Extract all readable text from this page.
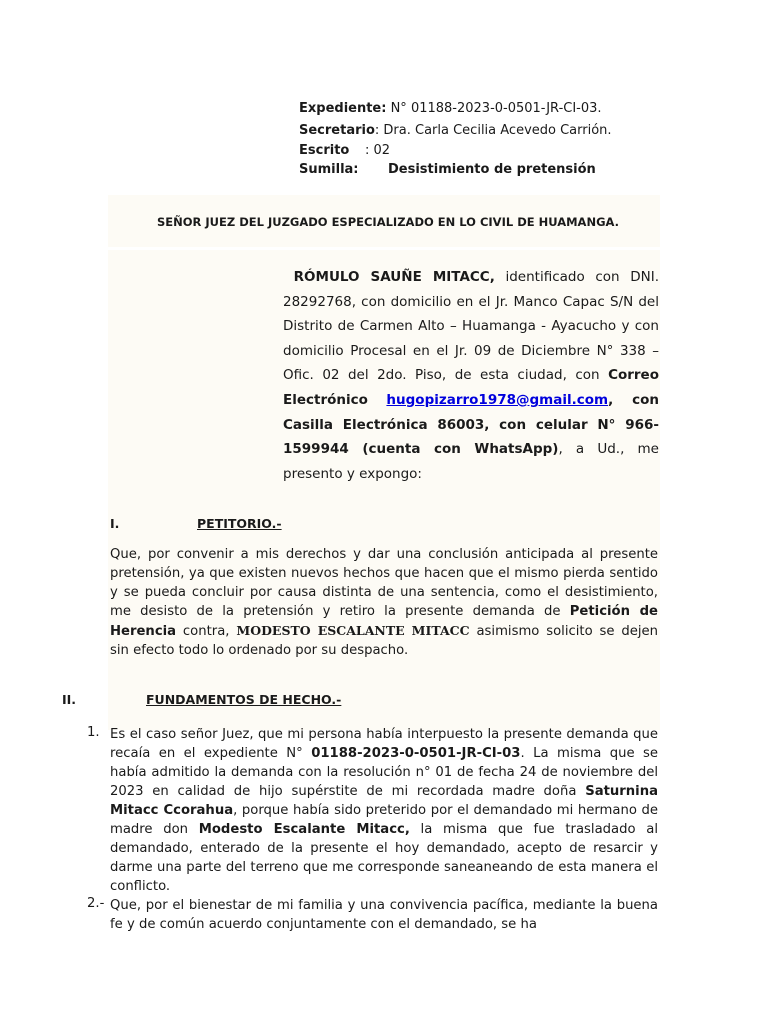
Expediente: N° 01188-2023-0-0501-JR-CI-03.
Secretario: Dra. Carla Cecilia Acevedo Carrión.
Escrito : 02
Sumilla: Desistimiento de pretensión
SEÑOR JUEZ DEL JUZGADO ESPECIALIZADO EN LO CIVIL DE HUAMANGA.
RÓMULO SAUÑE MITACC, identificado con DNI. 28292768, con domicilio en el Jr. Manco Capac S/N del Distrito de Carmen Alto – Huamanga - Ayacucho y con domicilio Procesal en el Jr. 09 de Diciembre N° 338 – Ofic. 02 del 2do. Piso, de esta ciudad, con Correo Electrónico hugopizarro1978@gmail.com, con Casilla Electrónica 86003, con celular N° 966-1599944 (cuenta con WhatsApp), a Ud., me presento y expongo:
I.	PETITORIO.-
Que, por convenir a mis derechos y dar una conclusión anticipada al presente pretensión, ya que existen nuevos hechos que hacen que el mismo pierda sentido y se pueda concluir por causa distinta de una sentencia, como el desistimiento, me desisto de la pretensión y retiro la presente demanda de Petición de Herencia contra, MODESTO ESCALANTE MITACC asimismo solicito se dejen sin efecto todo lo ordenado por su despacho.
II.	FUNDAMENTOS DE HECHO.-
1. Es el caso señor Juez, que mi persona había interpuesto la presente demanda que recaía en el expediente N° 01188-2023-0-0501-JR-CI-03. La misma que se había admitido la demanda con la resolución n° 01 de fecha 24 de noviembre del 2023 en calidad de hijo supérstite de mi recordada madre doña Saturnina Mitacc Ccorahua, porque había sido preterido por el demandado mi hermano de madre don Modesto Escalante Mitacc, la misma que fue trasladado al demandado, enterado de la presente el hoy demandado, acepto de resarcir y darme una parte del terreno que me corresponde saneaneando de esta manera el conflicto.
2.- Que, por el bienestar de mi familia y una convivencia pacífica, mediante la buena fe y de común acuerdo conjuntamente con el demandado, se ha
